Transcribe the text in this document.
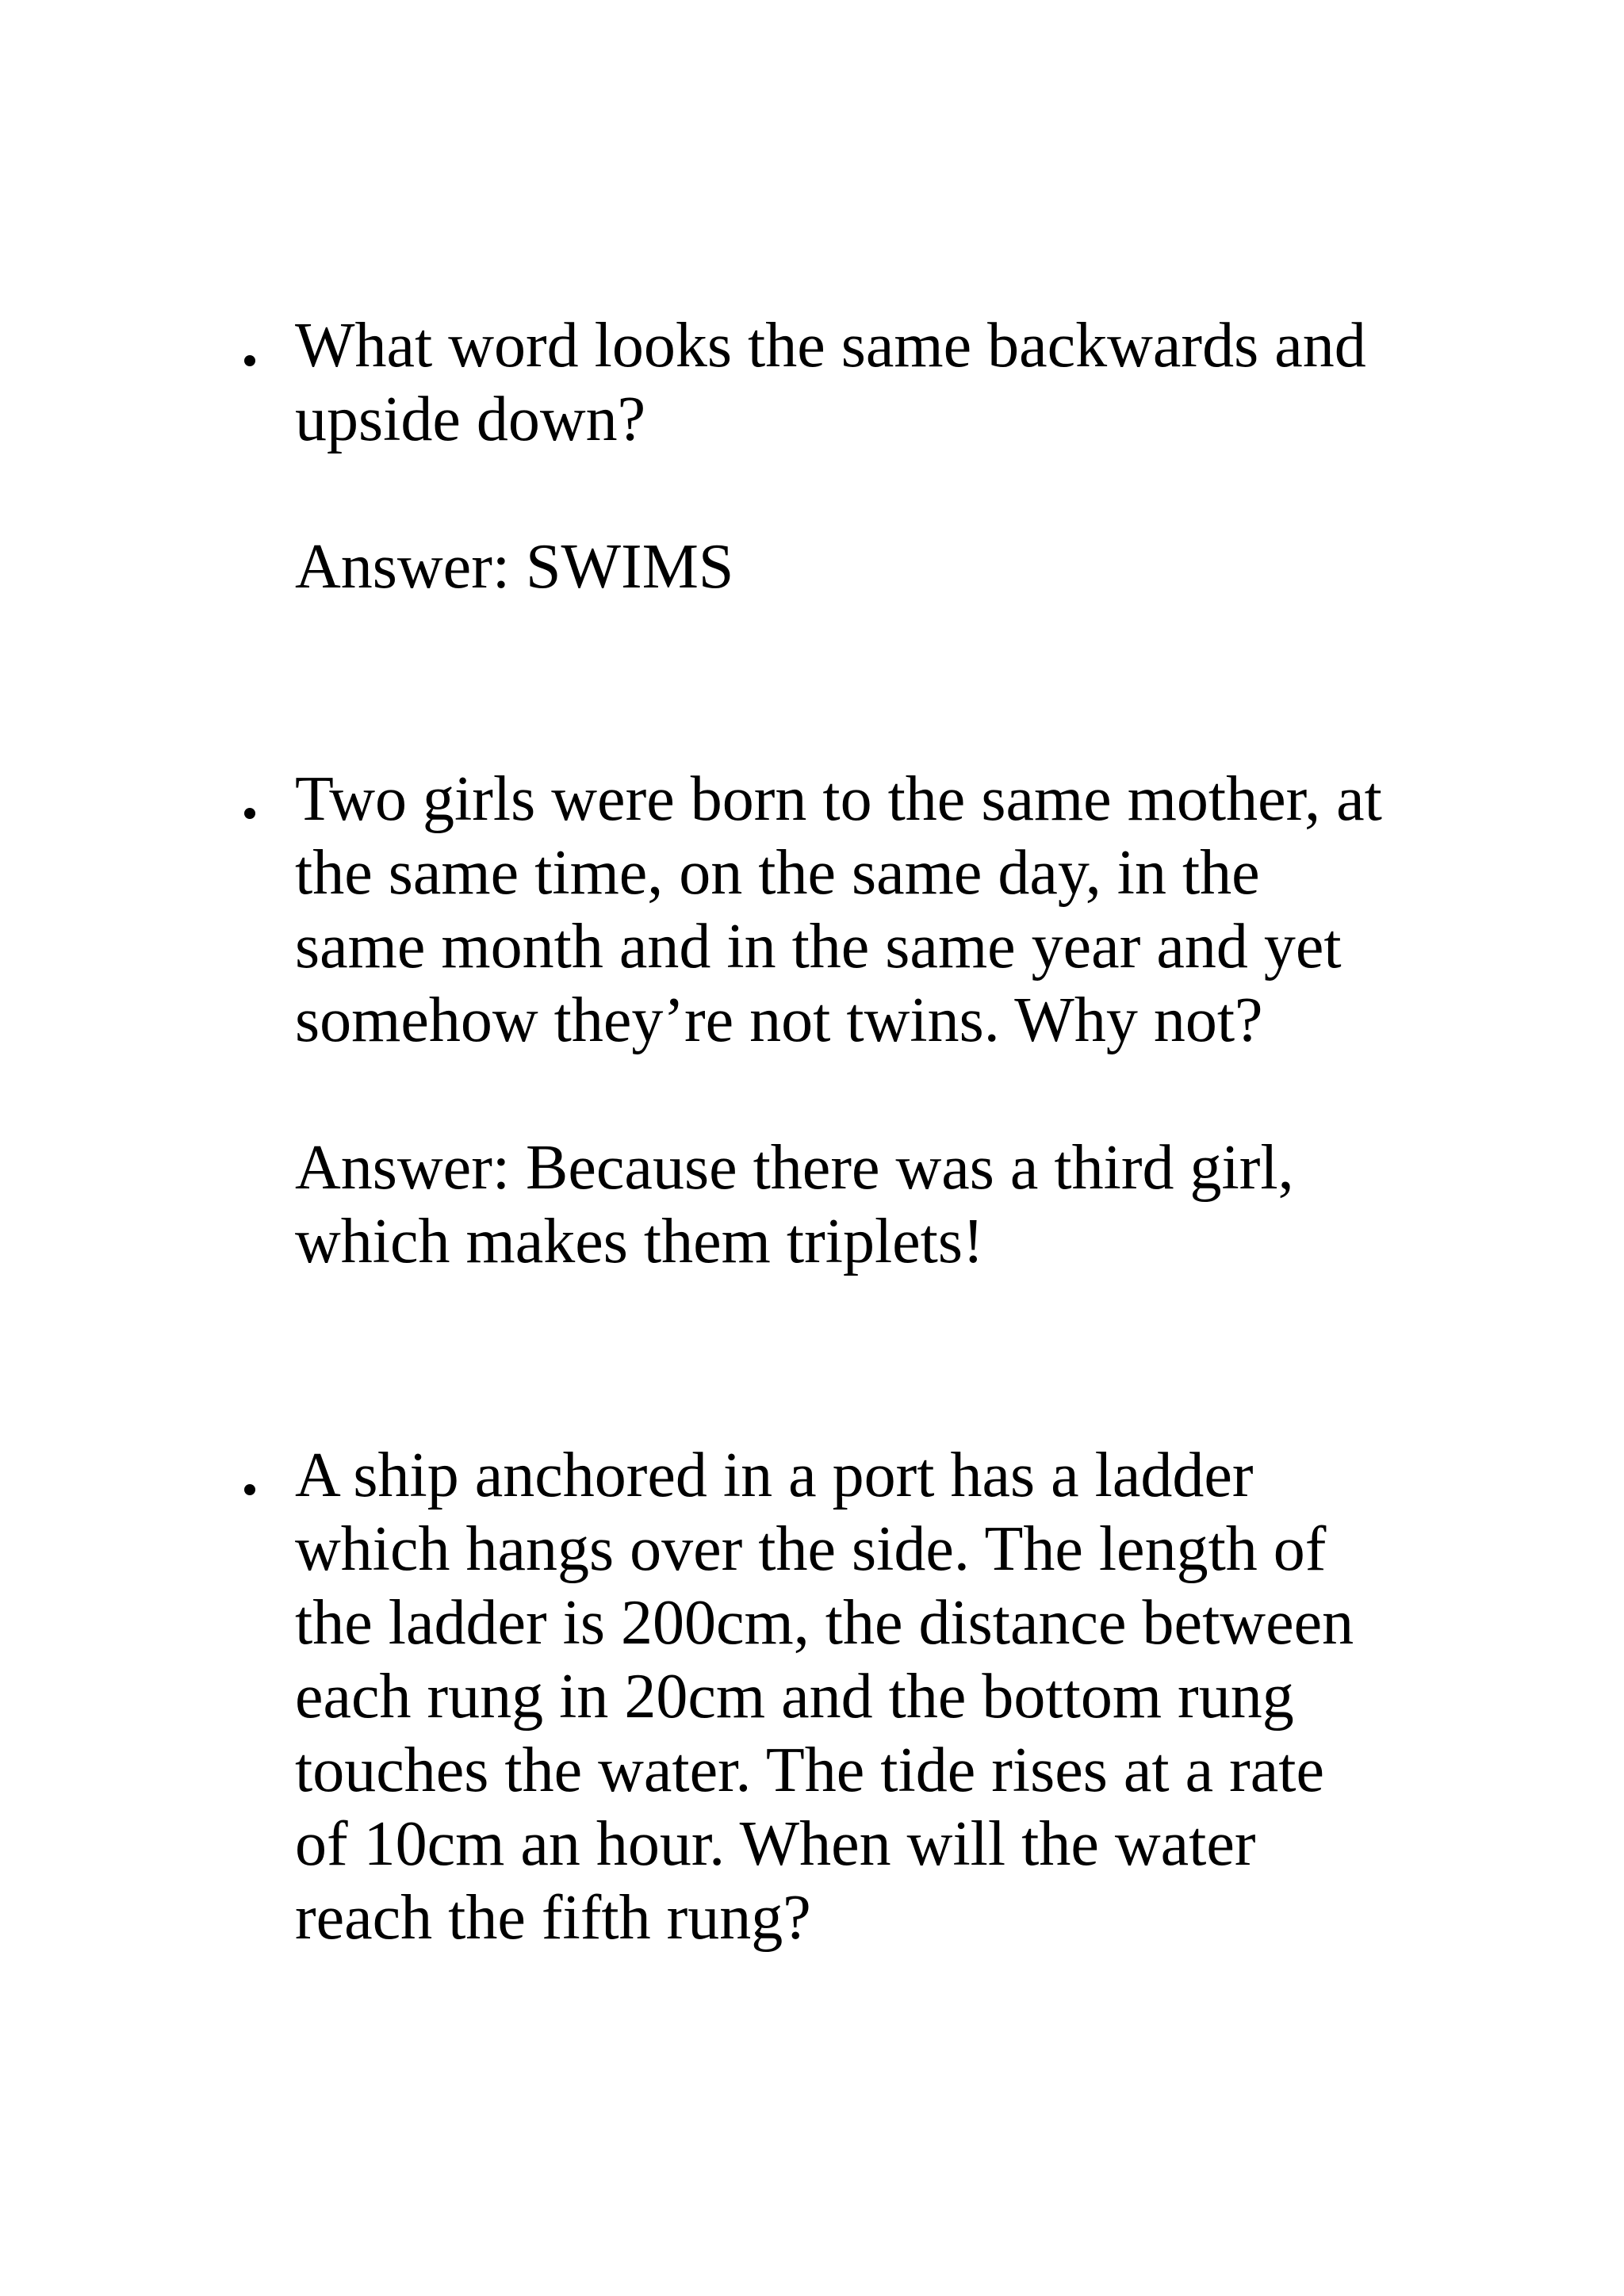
What word looks the same backwards and
upside down?
Answer: SWIMS
Two girls were born to the same mother, at
the same time, on the same day, in the
same month and in the same year and yet
somehow they’re not twins. Why not?
Answer: Because there was a third girl,
which makes them triplets!
A ship anchored in a port has a ladder
which hangs over the side. The length of
the ladder is 200cm, the distance between
each rung in 20cm and the bottom rung
touches the water. The tide rises at a rate
of 10cm an hour. When will the water
reach the fifth rung?
